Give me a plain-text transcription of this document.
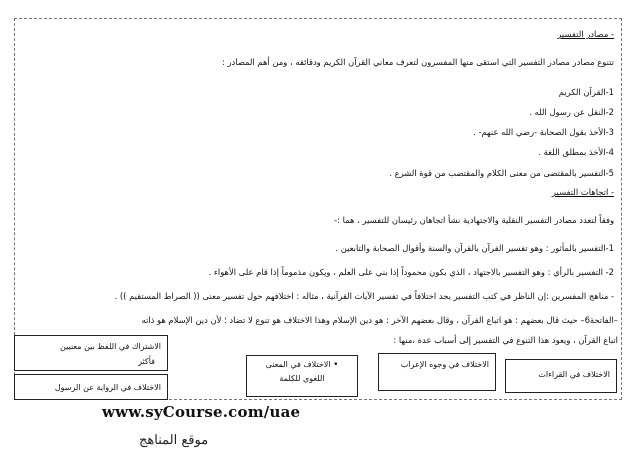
- مصادر التفسير
تتنوع مصادر مصادر التفسير التي استقى منها المفسرون لتعرف معاني القرآن الكريم ودقائقه ، ومن أهم المصادر :
1-القرآن الكريم
2-النقل عن رسول الله .
3-الأخذ بقول الصحابة -رضي الله عنهم- .
4-الأخذ بمطلق اللغة .
5-التفسير بالمقتضى من معنى الكلام والمقتضب من قوة الشرع .
- اتجاهات التفسير
وفقاً لتعدد مصادر التفسير النقلية والاجتهادية نشأ اتجاهان رئيسان للتفسير ، هما :-
1-التفسير بالمأثور : وهو تفسير القرآن بالقرآن والسنة وأقوال الصحابة والتابعين .
2- التفسير بالرأي : وهو التفسير بالاجتهاد ، الذي يكون محموداً إذا بني على العلم ، ويكون مذموماً إذا قام على الأهواء .
- مناهج المفسرين :إن الناظر في كتب التفسير يجد اختلافاً في تفسير الآيات القرآنية ، مثاله : اختلافهم حول تفسير معنى (( الصراط المستقيم )) .
–الفاتحة6– حيث قال بعضهم : هو اتباع القرآن ، وقال بعضهم الآخر : هو دين الإسلام وهذا الاختلاف هو تنوع لا تضاد ؛ لأن دين الإسلام هو ذاته
اتباع القرآن ، ويعود هذا التنوع في التفسير إلى أسباب عدة ،منها :
الاختلاف في القراءات
الاختلاف في وجوه الإعراب
• الاختلاف في المعنى
اللغوي للكلمة
الاشتراك في اللفظ بين معنيين
فأكثر
الاختلاف في الرواية عن الرسول
www.syCourse.com/uae
موقع المناهج
